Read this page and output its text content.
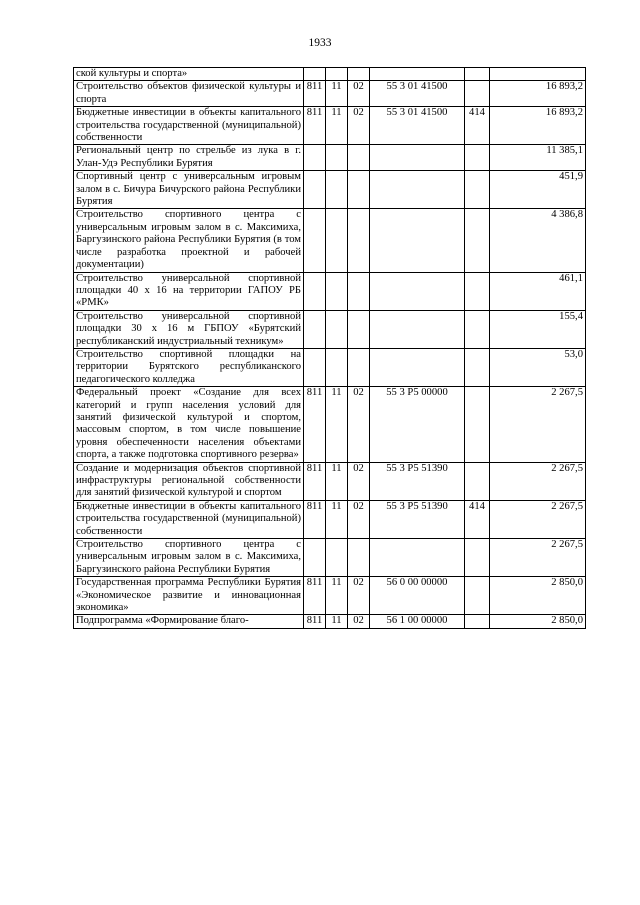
1933
ской культуры и спорта»						
Строительство объектов физической культуры и спорта	811	11	02	55 3 01 41500		16 893,2
Бюджетные инвестиции в объекты капитального строительства государственной (муниципальной) собственности	811	11	02	55 3 01 41500	414	16 893,2
Региональный центр по стрельбе из лука в г. Улан-Удэ Республики Бурятия						11 385,1
Спортивный центр с универсальным игровым залом в с. Бичура Бичурского района Республики Бурятия						451,9
Строительство спортивного центра с универсальным игровым залом в с. Максимиха, Баргузинского района Республики Бурятия (в том числе разработка проектной и рабочей документации)						4 386,8
Строительство универсальной спортивной площадки 40 х 16 на территории ГАПОУ РБ «РМК»						461,1
Строительство универсальной спортивной площадки 30 х 16 м ГБПОУ «Бурятский республиканский индустриальный техникум»						155,4
Строительство спортивной площадки на территории Бурятского республиканского педагогического колледжа						53,0
Федеральный проект «Создание для всех категорий и групп населения условий для занятий физической культурой и спортом, массовым спортом, в том числе повышение уровня обеспеченности населения объектами спорта, а также подготовка спортивного резерва»	811	11	02	55 3 P5 00000		2 267,5
Создание и модернизация объектов спортивной инфраструктуры региональной собственности для занятий физической культурой и спортом	811	11	02	55 3 P5 51390		2 267,5
Бюджетные инвестиции в объекты капитального строительства государственной (муниципальной) собственности	811	11	02	55 3 P5 51390	414	2 267,5
Строительство спортивного центра с универсальным игровым залом в с. Максимиха, Баргузинского района Республики Бурятия						2 267,5
Государственная программа Республики Бурятия «Экономическое развитие и инновационная экономика»	811	11	02	56 0 00 00000		2 850,0
Подпрограмма «Формирование благо-	811	11	02	56 1 00 00000		2 850,0
